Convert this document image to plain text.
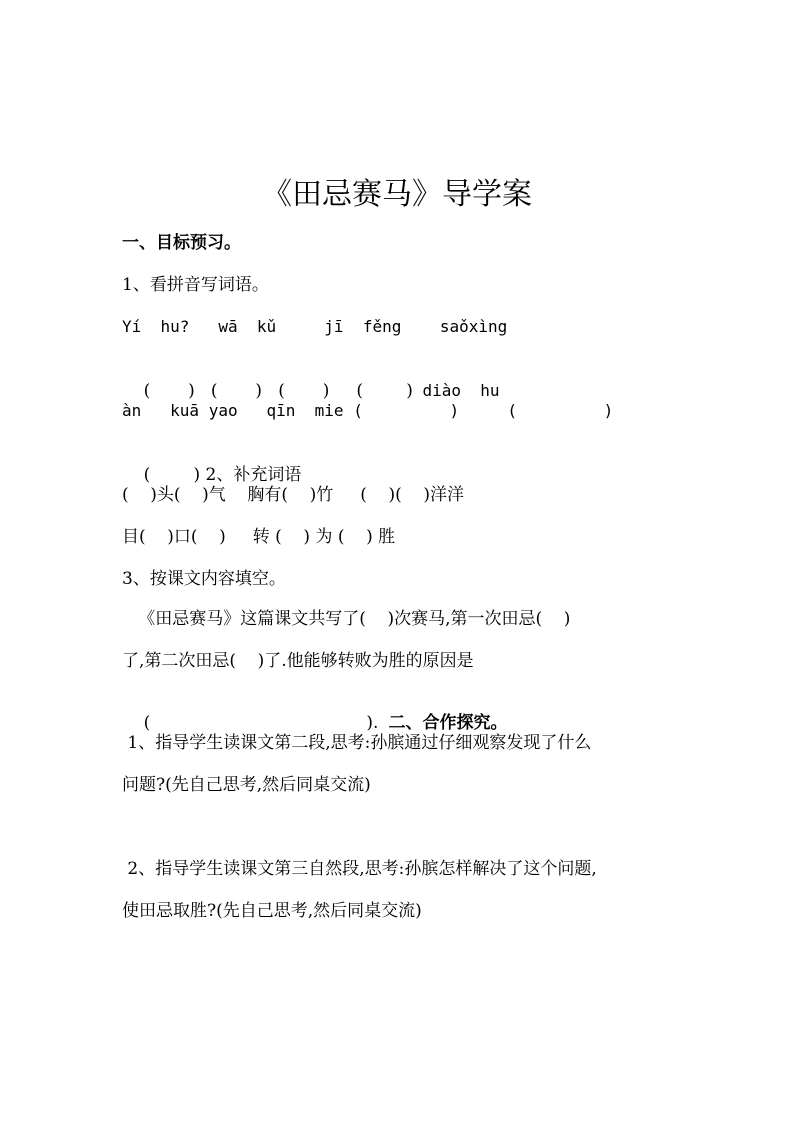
《田忌赛马》导学案
一、目标预习。
1、看拼音写词语。
Yí  hu?   wā  kǔ     jī  fěng    saǒxìng

(       )   (       )   (       )     (        ) diào  hu

àn   kuā yao   qīn  mie (         )     (         )

(        ) 2、补充词语

(    )头(    )气    胸有(    )竹     (    )(    )洋洋
目(    )口(    )     转 (    ) 为 (    ) 胜
3、按课文内容填空。
《田忌赛马》这篇课文共写了(    )次赛马,第一次田忌(    )
了,第二次田忌(    )了.他能够转败为胜的原因是

(                                        ). 二、合作探究。

1、指导学生读课文第二段,思考:孙膑通过仔细观察发现了什么
问题?(先自己思考,然后同桌交流)
2、指导学生读课文第三自然段,思考:孙膑怎样解决了这个问题,
使田忌取胜?(先自己思考,然后同桌交流)
